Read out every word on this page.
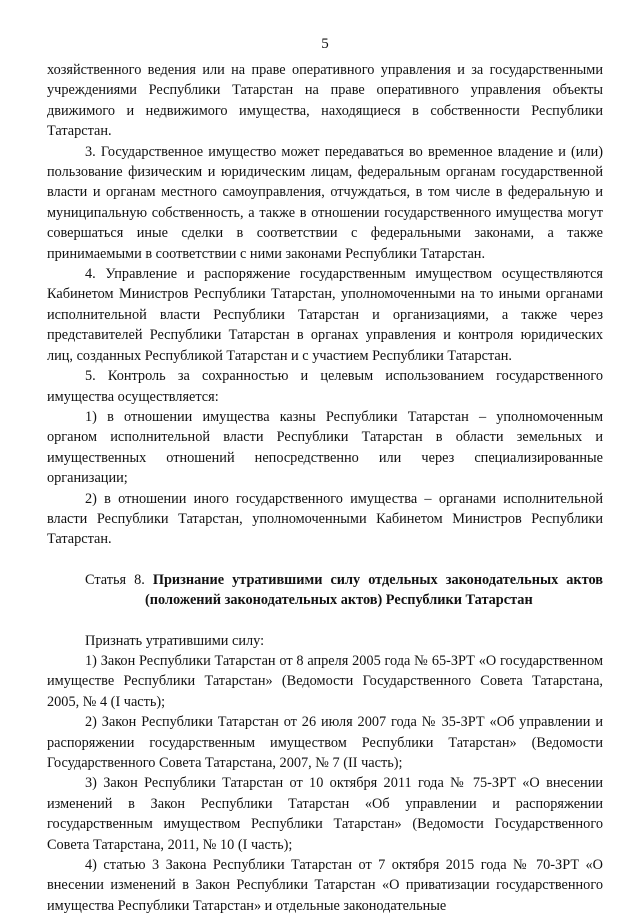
5

хозяйственного ведения или на праве оперативного управления и за государственными учреждениями Республики Татарстан на праве оперативного управления объекты движимого и недвижимого имущества, находящиеся в собственности Республики Татарстан.

3. Государственное имущество может передаваться во временное владение и (или) пользование физическим и юридическим лицам, федеральным органам государственной власти и органам местного самоуправления, отчуждаться, в том числе в федеральную и муниципальную собственность, а также в отношении государственного имущества могут совершаться иные сделки в соответствии с федеральными законами, а также принимаемыми в соответствии с ними законами Республики Татарстан.

4. Управление и распоряжение государственным имуществом осуществляются Кабинетом Министров Республики Татарстан, уполномоченными на то иными органами исполнительной власти Республики Татарстан и организациями, а также через представителей Республики Татарстан в органах управления и контроля юридических лиц, созданных Республикой Татарстан и с участием Республики Татарстан.

5. Контроль за сохранностью и целевым использованием государственного имущества осуществляется:

1) в отношении имущества казны Республики Татарстан – уполномоченным органом исполнительной власти Республики Татарстан в области земельных и имущественных отношений непосредственно или через специализированные организации;

2) в отношении иного государственного имущества – органами исполнительной власти Республики Татарстан, уполномоченными Кабинетом Министров Республики Татарстан.

Статья 8. Признание утратившими силу отдельных законодательных актов (положений законодательных актов) Республики Татарстан

Признать утратившими силу:

1) Закон Республики Татарстан от 8 апреля 2005 года № 65-ЗРТ «О государственном имуществе Республики Татарстан» (Ведомости Государственного Совета Татарстана, 2005, № 4 (I часть);

2) Закон Республики Татарстан от 26 июля 2007 года № 35-ЗРТ «Об управлении и распоряжении государственным имуществом Республики Татарстан» (Ведомости Государственного Совета Татарстана, 2007, № 7 (II часть);

3) Закон Республики Татарстан от 10 октября 2011 года № 75-ЗРТ «О внесении изменений в Закон Республики Татарстан «Об управлении и распоряжении государственным имуществом Республики Татарстан» (Ведомости Государственного Совета Татарстана, 2011, № 10 (I часть);

4) статью 3 Закона Республики Татарстан от 7 октября 2015 года № 70-ЗРТ «О внесении изменений в Закон Республики Татарстан «О приватизации государственного имущества Республики Татарстан» и отдельные законодательные
